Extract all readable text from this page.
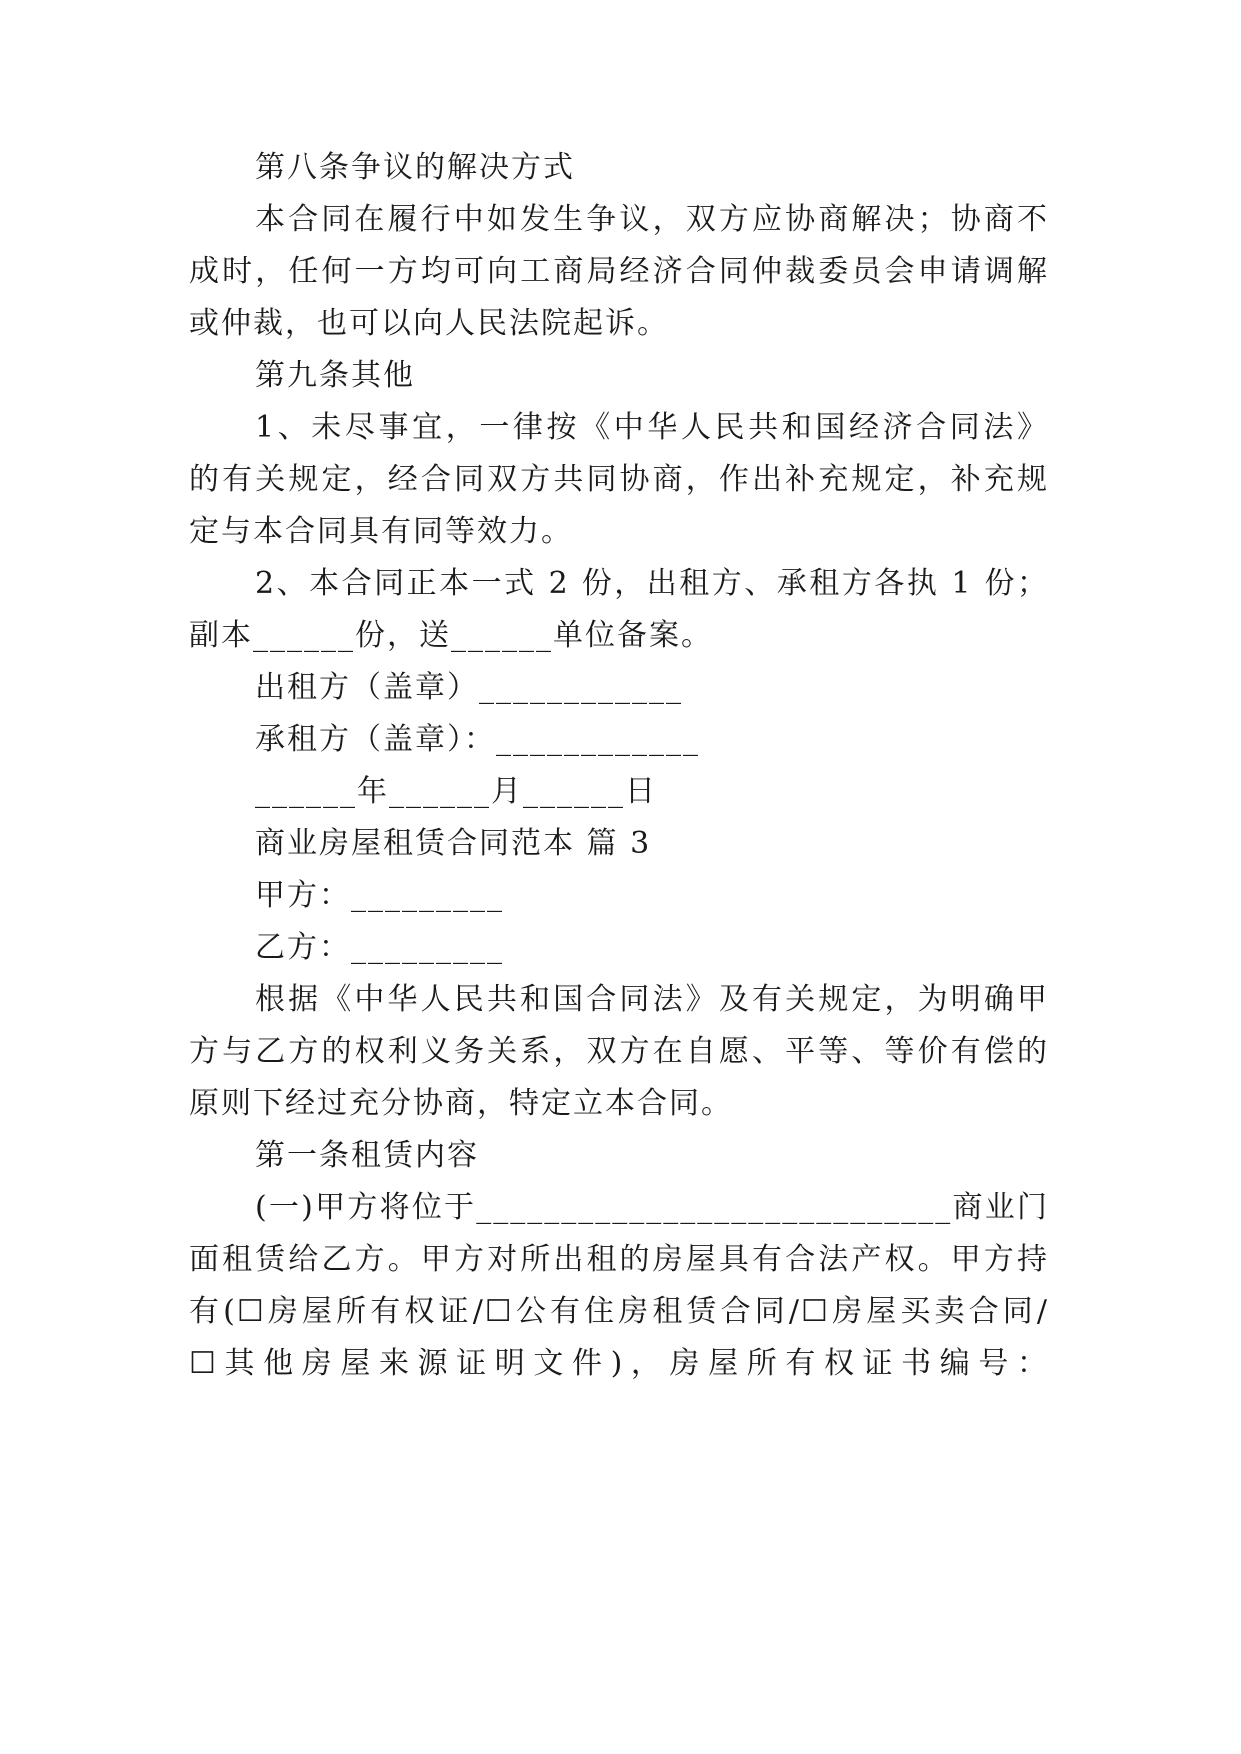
第八条争议的解决方式
本合同在履行中如发生争议，双方应协商解决；协商不
成时，任何一方均可向工商局经济合同仲裁委员会申请调解
或仲裁，也可以向人民法院起诉。
第九条其他
1、未尽事宜，一律按《中华人民共和国经济合同法》
的有关规定，经合同双方共同协商，作出补充规定，补充规
定与本合同具有同等效力。
2、本合同正本一式 2 份，出租方、承租方各执 1 份；
副本______份，送______单位备案。
出租方（盖章）____________
承租方（盖章）：____________
______年______月______日
商业房屋租赁合同范本 篇 3
甲方：_________
乙方：_________
根据《中华人民共和国合同法》及有关规定，为明确甲
方与乙方的权利义务关系，双方在自愿、平等、等价有偿的
原则下经过充分协商，特定立本合同。
第一条租赁内容
(一)甲方将位于____________________________商业门
面租赁给乙方。甲方对所出租的房屋具有合法产权。甲方持
有(☐房屋所有权证/☐公有住房租赁合同/☐房屋买卖合同/
☐其他房屋来源证明文件)，房屋所有权证书编号：
